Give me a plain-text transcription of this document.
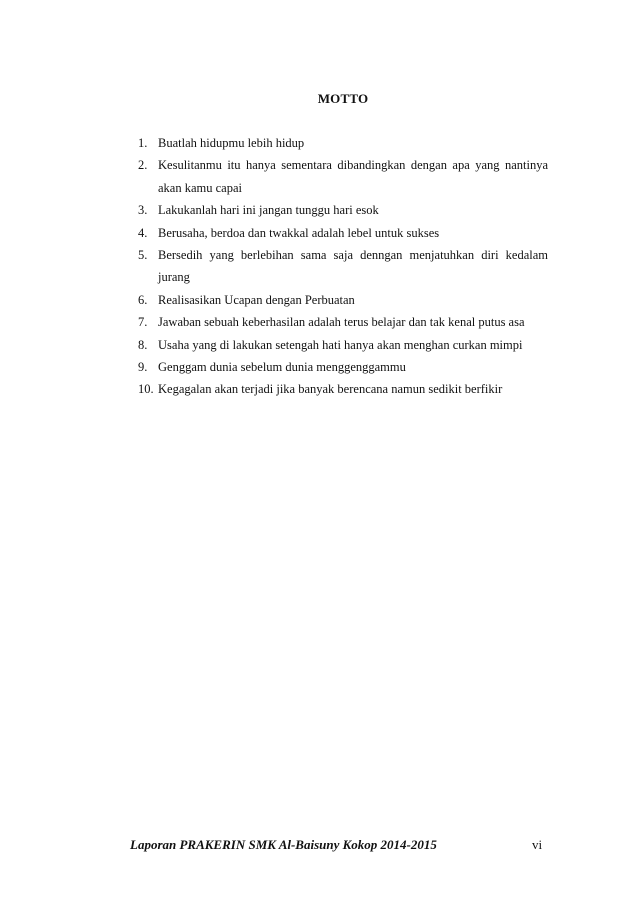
MOTTO
1. Buatlah hidupmu lebih hidup
2. Kesulitanmu itu hanya sementara dibandingkan dengan apa yang nantinya akan kamu capai
3. Lakukanlah hari ini jangan tunggu hari esok
4. Berusaha, berdoa dan twakkal adalah lebel untuk sukses
5. Bersedih yang berlebihan sama saja denngan menjatuhkan diri kedalam jurang
6. Realisasikan Ucapan dengan Perbuatan
7. Jawaban sebuah keberhasilan adalah terus belajar dan tak kenal putus asa
8. Usaha yang di lakukan setengah hati hanya akan menghan curkan mimpi
9. Genggam dunia sebelum dunia menggenggammu
10. Kegagalan akan terjadi jika banyak berencana namun sedikit berfikir
Laporan PRAKERIN SMK Al-Baisuny Kokop 2014-2015	vi
